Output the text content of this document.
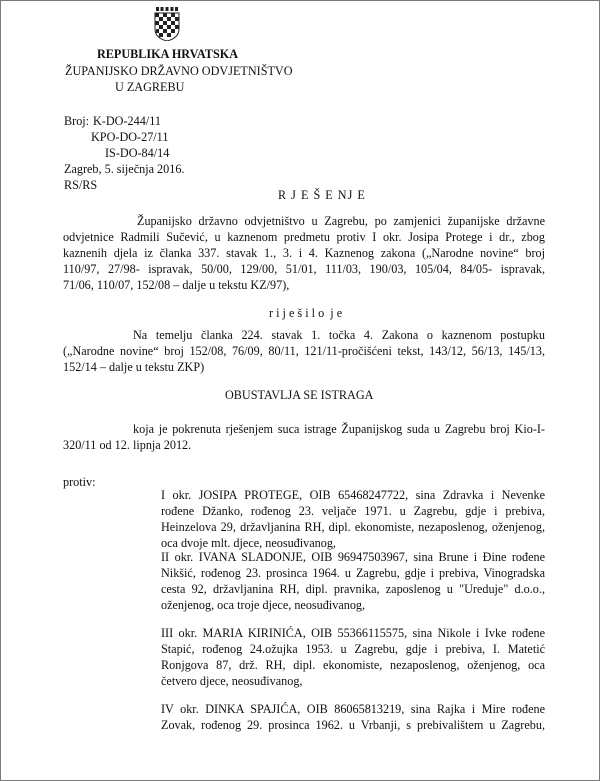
REPUBLIKA HRVATSKA
ŽUPANIJSKO DRŽAVNO ODVJETNIŠTVO
U ZAGREBU
Broj: K-DO-244/11
KPO-DO-27/11
IS-DO-84/14
Zagreb, 5. siječnja 2016.
RS/RS
R J E Š E NJ E

Županijsko državno odvjetništvo u Zagrebu, po zamjenici županijske državne

odvjetnice Radmili Sučević, u kaznenom predmetu protiv I okr. Josipa Protege i dr., zbog

kaznenih djela iz članka 337. stavak 1., 3. i 4. Kaznenog zakona („Narodne novine“ broj

110/97, 27/98- ispravak, 50/00, 129/00, 51/01, 111/03, 190/03, 105/04, 84/05- ispravak,

71/06, 110/07, 152/08 – dalje u tekstu KZ/97),

r i j e š i l o  j e

Na temelju članka 224. stavak 1. točka 4. Zakona o kaznenom postupku

(„Narodne novine“ broj 152/08, 76/09, 80/11, 121/11-pročišćeni tekst, 143/12, 56/13, 145/13,

152/14 – dalje u tekstu ZKP)

OBUSTAVLJA SE ISTRAGA

koja je pokrenuta rješenjem suca istrage Županijskog suda u Zagrebu broj Kio-I-

320/11 od 12. lipnja 2012.

protiv:

I okr. JOSIPA PROTEGE, OIB 65468247722, sina Zdravka i Nevenke

rođene Džanko, rođenog 23. veljače 1971. u Zagrebu, gdje i prebiva,

Heinzelova 29, državljanina RH, dipl. ekonomiste, nezaposlenog, oženjenog,

oca dvoje mlt. djece, neosuđivanog,

II okr. IVANA SLADONJE, OIB 96947503967, sina Brune i Đine rođene

Nikšić, rođenog 23. prosinca 1964. u Zagrebu, gdje i prebiva, Vinogradska

cesta 92, državljanina RH, dipl. pravnika, zaposlenog u "Ureduje" d.o.o.,

oženjenog, oca troje djece, neosuđivanog,

III okr. MARIA KIRINIĆA, OIB 55366115575, sina Nikole i Ivke rođene

Stapić, rođenog 24.ožujka 1953. u Zagrebu, gdje i prebiva, I. Matetić

Ronjgova 87, drž. RH, dipl. ekonomiste, nezaposlenog, oženjenog, oca

četvero djece, neosuđivanog,

IV okr. DINKA SPAJIĆA, OIB 86065813219, sina Rajka i Mire rođene

Zovak, rođenog 29. prosinca 1962. u Vrbanji, s prebivalištem u Zagrebu,
